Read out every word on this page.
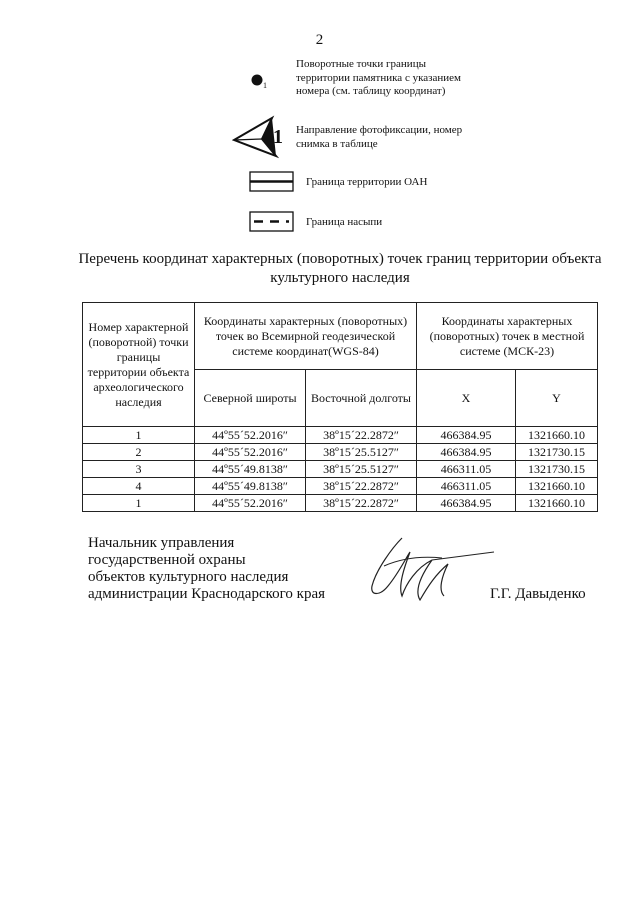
2
1
Поворотные точки границы территории памятника с указанием номера (см. таблицу координат)
1 Направление фотофиксации, номер снимка в таблице
Граница территории ОАН
Граница насыпи
Перечень координат характерных (поворотных) точек границ территории объекта культурного наследия
Номер характерной (поворотной) точки границы территории объекта археологического наследия	Координаты характерных (поворотных) точек во Всемирной геодезической системе координат(WGS-84)		Координаты характерных (поворотных) точек в местной системе (МСК-23)	
	Северной широты	Восточной долготы	X	Y
1	44º55´52.2016″	38º15´22.2872″	466384.95	1321660.10
2	44º55´52.2016″	38º15´25.5127″	466384.95	1321730.15
3	44º55´49.8138″	38º15´25.5127″	466311.05	1321730.15
4	44º55´49.8138″	38º15´22.2872″	466311.05	1321660.10
1	44º55´52.2016″	38º15´22.2872″	466384.95	1321660.10
Начальник управления
государственной охраны
объектов культурного наследия
администрации Краснодарского края	Г.Г. Давыденко
